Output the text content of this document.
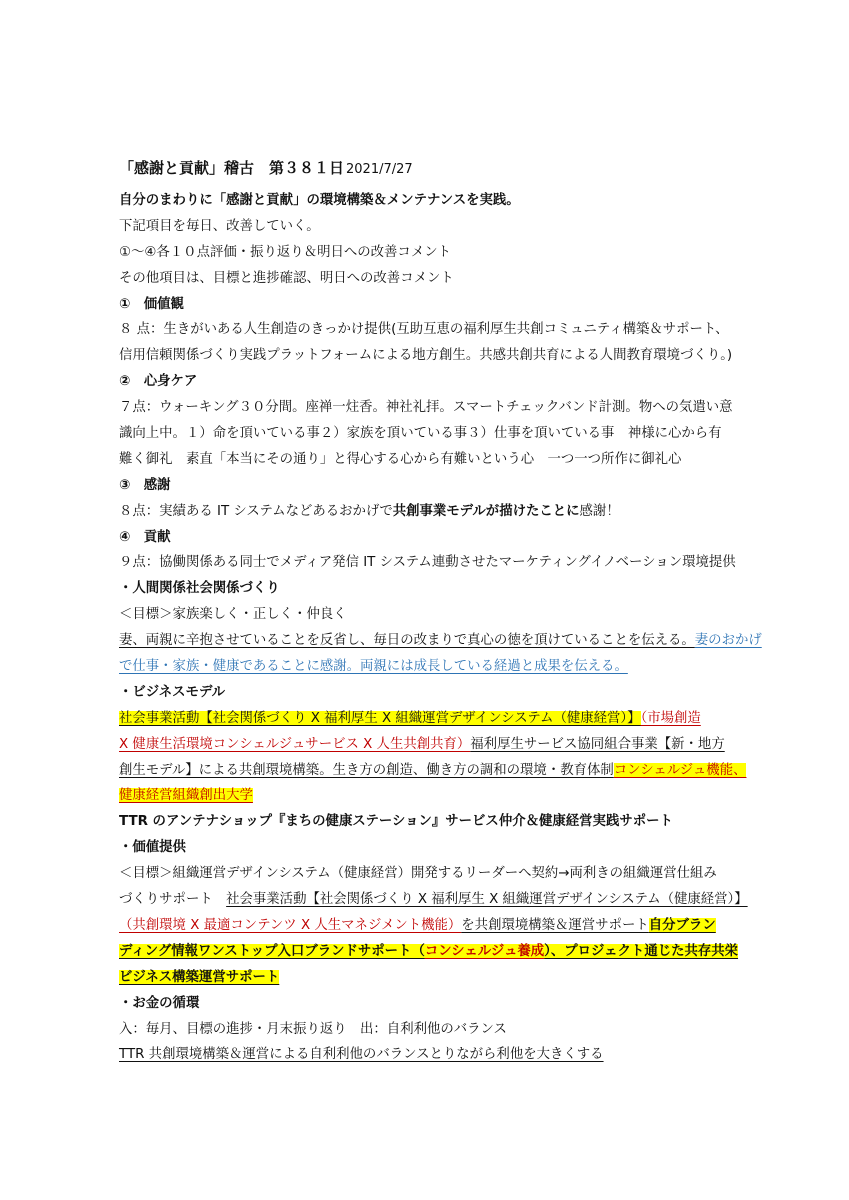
「感謝と貢献」稽古　第３８１日 2021/7/27
自分のまわりに「感謝と貢献」の環境構築＆メンテナンスを実践。
下記項目を毎日、改善していく。
①～④各１０点評価・振り返り＆明日への改善コメント
その他項目は、目標と進捗確認、明日への改善コメント
①　価値観
８ 点：生きがいある人生創造のきっかけ提供(互助互恵の福利厚生共創コミュニティ構築＆サポート、
信用信頼関係づくり実践プラットフォームによる地方創生。共感共創共育による人間教育環境づくり。)
②　心身ケア
７点：ウォーキング３０分間。座禅一炷香。神社礼拝。スマートチェックバンド計測。物への気遣い意
識向上中。１）命を頂いている事２）家族を頂いている事３）仕事を頂いている事　神様に心から有
難く御礼　素直「本当にその通り」と得心する心から有難いという心　一つ一つ所作に御礼心
③　感謝
８点：実績ある IT システムなどあるおかげで共創事業モデルが描けたことに感謝！
④　貢献
９点：協働関係ある同士でメディア発信 IT システム連動させたマーケティングイノベーション環境提供
・人間関係社会関係づくり
＜目標＞家族楽しく・正しく・仲良く
妻、両親に辛抱させていることを反省し、毎日の改まりで真心の徳を頂けていることを伝える。妻のおかげ
で仕事・家族・健康であることに感謝。両親には成長している経過と成果を伝える。
・ビジネスモデル
社会事業活動【社会関係づくり X 福利厚生 X 組織運営デザインシステム（健康経営）】（市場創造
X 健康生活環境コンシェルジュサービス X 人生共創共育）福利厚生サービス協同組合事業【新・地方
創生モデル】による共創環境構築。生き方の創造、働き方の調和の環境・教育体制コンシェルジュ機能、
健康経営組織創出大学
TTR のアンテナショップ『まちの健康ステーション』サービス仲介＆健康経営実践サポート
・価値提供
＜目標＞組織運営デザインシステム（健康経営）開発するリーダーへ契約→両利きの組織運営仕組み
づくりサポート　社会事業活動【社会関係づくり X 福利厚生 X 組織運営デザインシステム（健康経営）】
（共創環境 X 最適コンテンツ X 人生マネジメント機能）を共創環境構築＆運営サポート自分ブラン
ディング情報ワンストップ入口ブランドサポート（コンシェルジュ養成）、プロジェクト通じた共存共栄
ビジネス構築運営サポート
・お金の循環
入：毎月、目標の進捗・月末振り返り　出：自利利他のバランス
TTR 共創環境構築＆運営による自利利他のバランスとりながら利他を大きくする
